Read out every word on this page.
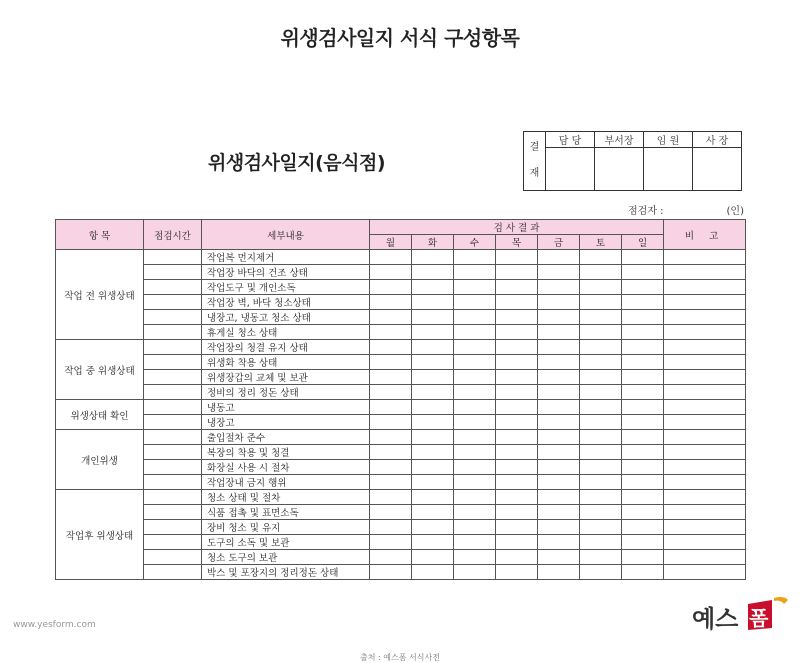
위생검사일지 서식 구성항목
위생검사일지(음식점)
결
재	담 당	부서장	임 원	사 장

점검자 :	(인)
항 목	점검시간	세부내용	검 사 결 과							비 고
			월	화	수	목	금	토	일	
작업 전 위생상태		작업복 먼지제거								
		작업장 바닥의 건조 상태								
		작업도구 및 개인소독								
		작업장 벽, 바닥 청소상태								
		냉장고, 냉동고 청소 상태								
		휴게실 청소 상태								
작업 중 위생상태		작업장의 청결 유지 상태								
		위생화 착용 상태								
		위생장갑의 교체 및 보관								
		정비의 정리 정돈 상태								
위생상태 확인		냉동고								
		냉장고								
개인위생		출입절차 준수								
		복장의 착용 및 청결								
		화장실 사용 시 절차								
		작업장내 금지 행위								
작업후 위생상태		청소 상태 및 절차								
		식품 접촉 및 표면소독								
		장비 청소 및 유지								
		도구의 소독 및 보관								
		청소 도구의 보관								
		박스 및 포장지의 정리정돈 상태								
www.yesform.com	예스 폼
출처 : 예스폼 서식사전
